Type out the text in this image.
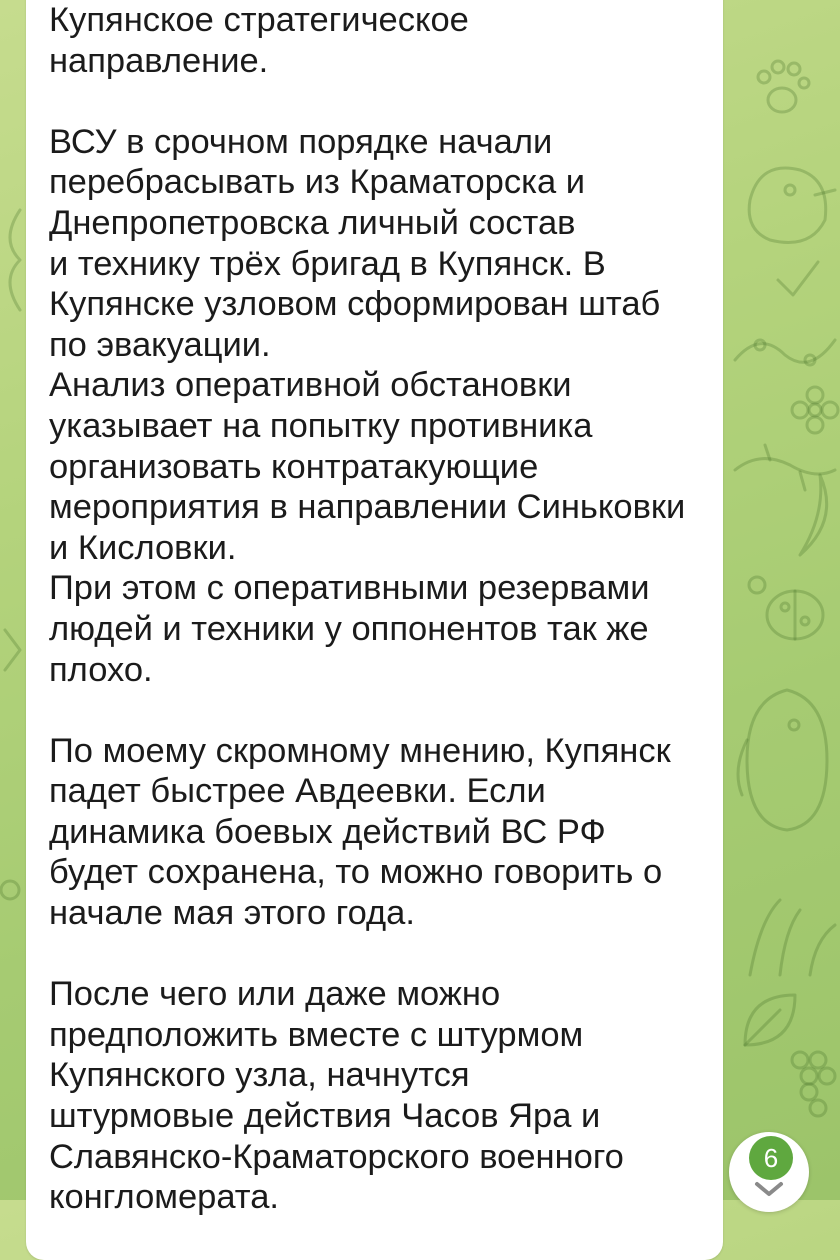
Купянское стратегическое
направление.

ВСУ в срочном порядке начали
перебрасывать из Краматорска и
Днепропетровска личный состав
и технику трёх бригад в Купянск. В
Купянске узловом сформирован штаб
по эвакуации.
Анализ оперативной обстановки
указывает на попытку противника
организовать контратакующие
мероприятия в направлении Синьковки
и Кисловки.
При этом с оперативными резервами
людей и техники у оппонентов так же
плохо.

По моему скромному мнению, Купянск
падет быстрее Авдеевки. Если
динамика боевых действий ВС РФ
будет сохранена, то можно говорить о
начале мая этого года.

После чего или даже можно
предположить вместе с штурмом
Купянского узла, начнутся
штурмовые действия Часов Яра и
Славянско-Краматорского военного
конгломерата.

6
